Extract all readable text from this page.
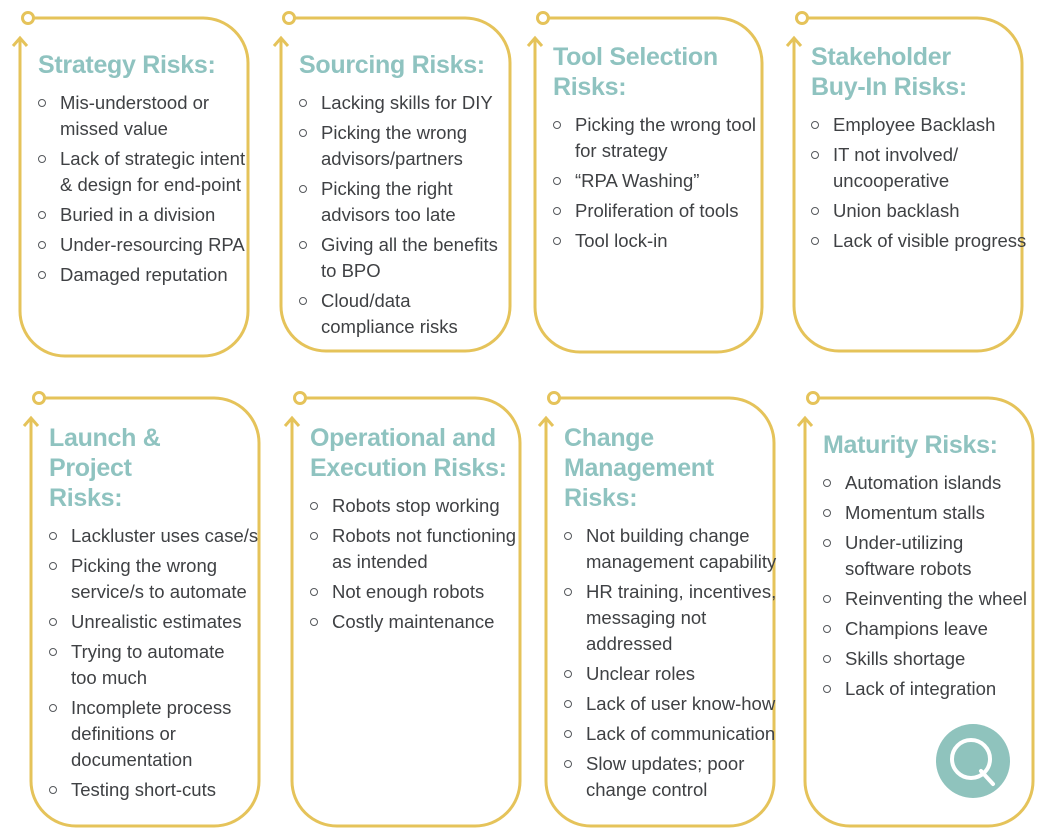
Strategy Risks:
Mis-understood or
missed value
Lack of strategic intent
& design for end-point
Buried in a division
Under-resourcing RPA
Damaged reputation
Sourcing Risks:
Lacking skills for DIY
Picking the wrong
advisors/partners
Picking the right
advisors too late
Giving all the benefits
to BPO
Cloud/data
compliance risks
Tool Selection
Risks:
Picking the wrong tool
for strategy
“RPA Washing”
Proliferation of tools
Tool lock-in
Stakeholder
Buy-In Risks:
Employee Backlash
IT not involved/
uncooperative
Union backlash
Lack of visible progress
Launch & Project
Risks:
Lackluster uses case/s
Picking the wrong
service/s to automate
Unrealistic estimates
Trying to automate
too much
Incomplete process
definitions or
documentation
Testing short-cuts
Operational and
Execution Risks:
Robots stop working
Robots not functioning
as intended
Not enough robots
Costly maintenance
Change
Management
Risks:
Not building change
management capability
HR training, incentives,
messaging not
addressed
Unclear roles
Lack of user know-how
Lack of communication
Slow updates; poor
change control
Maturity Risks:
Automation islands
Momentum stalls
Under-utilizing
software robots
Reinventing the wheel
Champions leave
Skills shortage
Lack of integration
